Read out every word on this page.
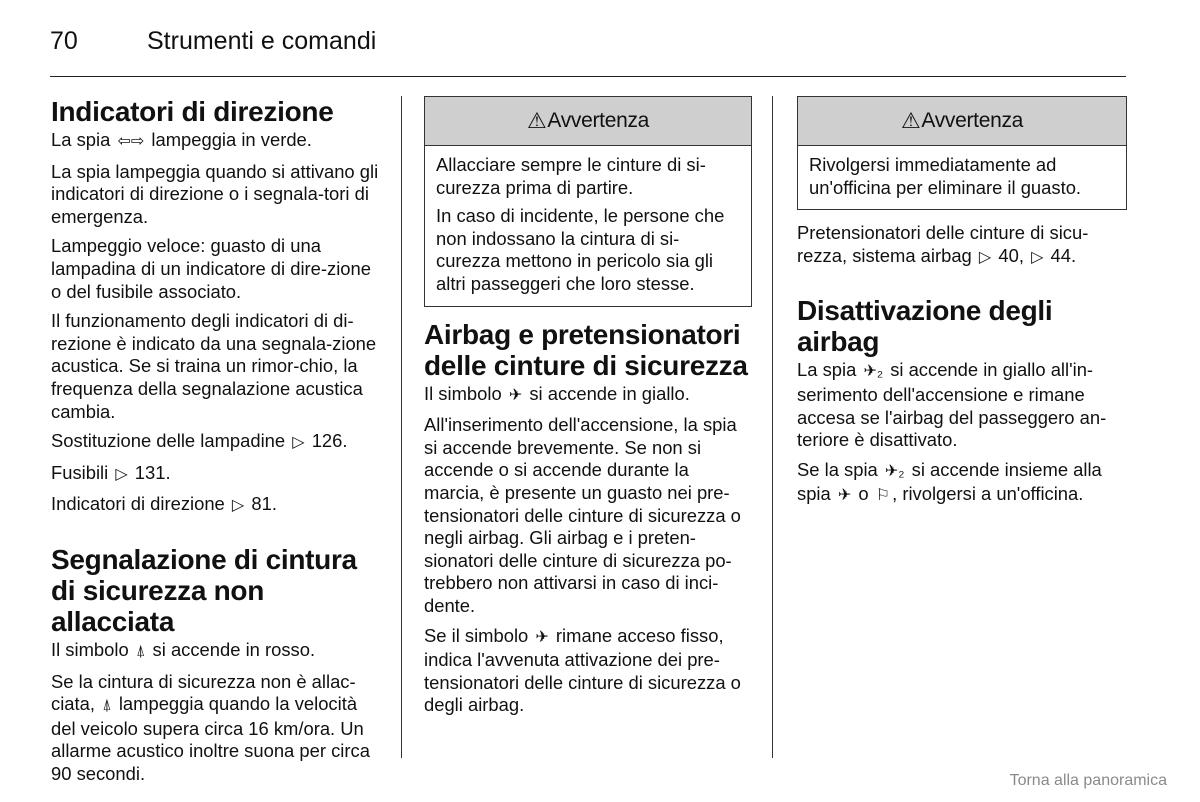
70	Strumenti e comandi
Indicatori di direzione

La spia ⇦⇨ lampeggia in verde.

La spia lampeggia quando si attivano gli indicatori di direzione o i segnala-tori di emergenza.

Lampeggio veloce: guasto di una lampadina di un indicatore di dire-zione o del fusibile associato.

Il funzionamento degli indicatori di di-rezione è indicato da una segnala-zione acustica. Se si traina un rimor-chio, la frequenza della segnalazione acustica cambia.

Sostituzione delle lampadine ▷ 126.

Fusibili ▷ 131.

Indicatori di direzione ▷ 81.

Segnalazione di cintura di sicurezza non allacciata

Il simbolo ⍋ si accende in rosso.

Se la cintura di sicurezza non è allac-ciata, ⍋ lampeggia quando la velocità del veicolo supera circa 16 km/ora. Un allarme acustico inoltre suona per circa 90 secondi.

⚠ Avvertenza

Allacciare sempre le cinture di si-curezza prima di partire.

In caso di incidente, le persone che non indossano la cintura di si-curezza mettono in pericolo sia gli altri passeggeri che loro stesse.

Airbag e pretensionatori delle cinture di sicurezza

Il simbolo ✈ si accende in giallo.

All'inserimento dell'accensione, la spia si accende brevemente. Se non si accende o si accende durante la marcia, è presente un guasto nei pre-tensionatori delle cinture di sicurezza o negli airbag. Gli airbag e i preten-sionatori delle cinture di sicurezza po-trebbero non attivarsi in caso di inci-dente.

Se il simbolo ✈ rimane acceso fisso, indica l'avvenuta attivazione dei pre-tensionatori delle cinture di sicurezza o degli airbag.

⚠ Avvertenza

Rivolgersi immediatamente ad un'officina per eliminare il guasto.

Pretensionatori delle cinture di sicu-rezza, sistema airbag ▷ 40, ▷ 44.

Disattivazione degli airbag

La spia ✈₂ si accende in giallo all'in-serimento dell'accensione e rimane accesa se l'airbag del passeggero an-teriore è disattivato.

Se la spia ✈₂ si accende insieme alla spia ✈ o ⚐ , rivolgersi a un'officina.

Torna alla panoramica
